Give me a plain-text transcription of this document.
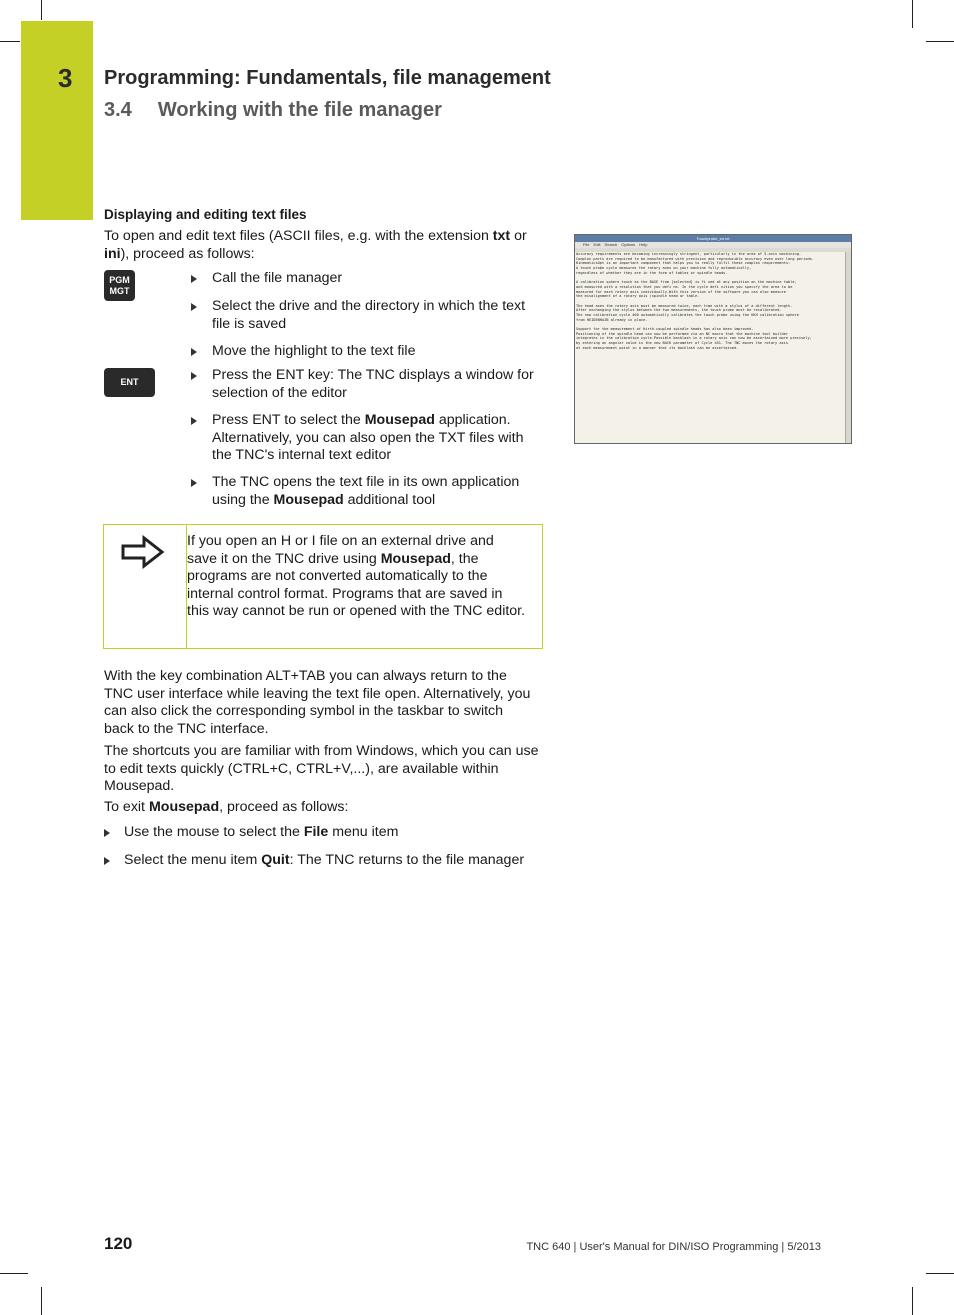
3 Programming: Fundamentals, file management
3.4 Working with the file manager
Displaying and editing text files
To open and edit text files (ASCII files, e.g. with the extension txt or ini), proceed as follows:
PGM
MGT
ENT
Call the file manager
Select the drive and the directory in which the text file is saved
Move the highlight to the text file
Press the ENT key: The TNC displays a window for selection of the editor
Press ENT to select the Mousepad application. Alternatively, you can also open the TXT files with the TNC's internal text editor
The TNC opens the text file in its own application using the Mousepad additional tool
If you open an H or I file on an external drive and save it on the TNC drive using Mousepad, the programs are not converted automatically to the internal control format. Programs that are saved in this way cannot be run or opened with the TNC editor.
With the key combination ALT+TAB you can always return to the TNC user interface while leaving the text file open. Alternatively, you can also click the corresponding symbol in the taskbar to switch back to the TNC interface.
The shortcuts you are familiar with from Windows, which you can use to edit texts quickly (CTRL+C, CTRL+V,...), are available within Mousepad.
To exit Mousepad, proceed as follows:
Use the mouse to select the File menu item
Select the menu item Quit: The TNC returns to the file manager
Touchprobe_en.txt
File Edit Search Options Help
Accuracy requirements are becoming increasingly stringent, particularly in the area of 5-axis machining.
Complex parts are required to be manufactured with precision and reproducible accuracy even over long periods.
KinematicsOpt is an important component that helps you to really fulfil these complex requirements:
A touch probe cycle measures the rotary axes on your machine fully automatically,
regardless of whether they are in the form of tables or spindle heads.

A calibration sphere touch as the BASE from [selected] is fi xed at any position on the machine table,
and measured with a resolution that you defi ne. In the cycle defi nition you specify the area to be
measured for each rotary axis individually.With this version of the software you can also measure
the misalignment of a rotary axis (spindle head or table.

The head axes the rotary axis must be measured twice, each time with a stylus of a different length.
After exchanging the stylus between the two measurements, the touch probe must be recalibrated.
The new calibration cycle 460 automatically calibrates the touch probe using the KKH calibration sphere
from HEIDENHAIN already in place.

Support for the measurement of Hirth-coupled spindle heads has also been improved.
Positioning of the spindle head can now be performed via an NC macro that the machine tool builder
integrates in the calibration cycle.Possible backlash in a rotary axis can now be ascertained more precisely,
by entering an angular value in the new BACK parameter of Cycle 451. The TNC moves the rotary axis
at each measurement point in a manner that its backlash can be ascertained.
120	TNC 640 | User's Manual for DIN/ISO Programming | 5/2013
